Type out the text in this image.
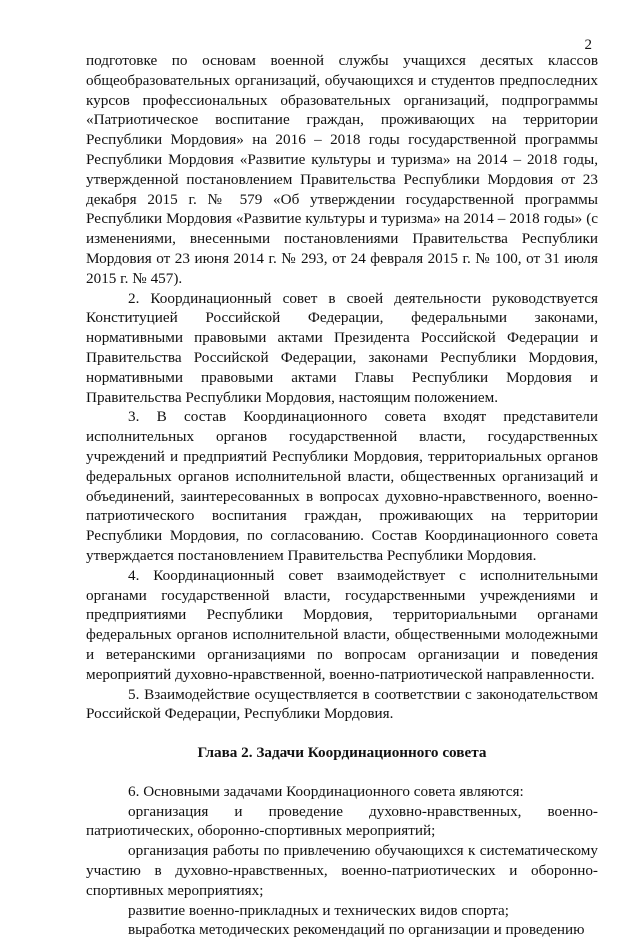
2

подготовке по основам военной службы учащихся десятых классов общеобразовательных организаций, обучающихся и студентов предпоследних курсов профессиональных образовательных организаций, подпрограммы «Патриотическое воспитание граждан, проживающих на территории Республики Мордовия» на 2016 – 2018 годы государственной программы Республики Мордовия «Развитие культуры и туризма» на 2014 – 2018 годы, утвержденной постановлением Правительства Республики Мордовия от 23 декабря 2015 г. № 579 «Об утверждении государственной программы Республики Мордовия «Развитие культуры и туризма» на 2014 – 2018 годы» (с изменениями, внесенными постановлениями Правительства Республики Мордовия от 23 июня 2014 г. № 293, от 24 февраля 2015 г. № 100, от 31 июля 2015 г. № 457).

2. Координационный совет в своей деятельности руководствуется Конституцией Российской Федерации, федеральными законами, нормативными правовыми актами Президента Российской Федерации и Правительства Российской Федерации, законами Республики Мордовия, нормативными правовыми актами Главы Республики Мордовия и Правительства Республики Мордовия, настоящим положением.

3. В состав Координационного совета входят представители исполнительных органов государственной власти, государственных учреждений и предприятий Республики Мордовия, территориальных органов федеральных органов исполнительной власти, общественных организаций и объединений, заинтересованных в вопросах духовно-нравственного, военно-патриотического воспитания граждан, проживающих на территории Республики Мордовия, по согласованию. Состав Координационного совета утверждается постановлением Правительства Республики Мордовия.

4. Координационный совет взаимодействует с исполнительными органами государственной власти, государственными учреждениями и предприятиями Республики Мордовия, территориальными органами федеральных органов исполнительной власти, общественными молодежными и ветеранскими организациями по вопросам организации и поведения мероприятий духовно-нравственной, военно-патриотической направленности.

5. Взаимодействие осуществляется в соответствии с законодательством Российской Федерации, Республики Мордовия.

Глава 2. Задачи Координационного совета

6. Основными задачами Координационного совета являются:

организация и проведение духовно-нравственных, военно-патриотических, оборонно-спортивных мероприятий;

организация работы по привлечению обучающихся к систематическому участию в духовно-нравственных, военно-патриотических и оборонно-спортивных мероприятиях;

развитие военно-прикладных и технических видов спорта;

выработка методических рекомендаций по организации и проведению
